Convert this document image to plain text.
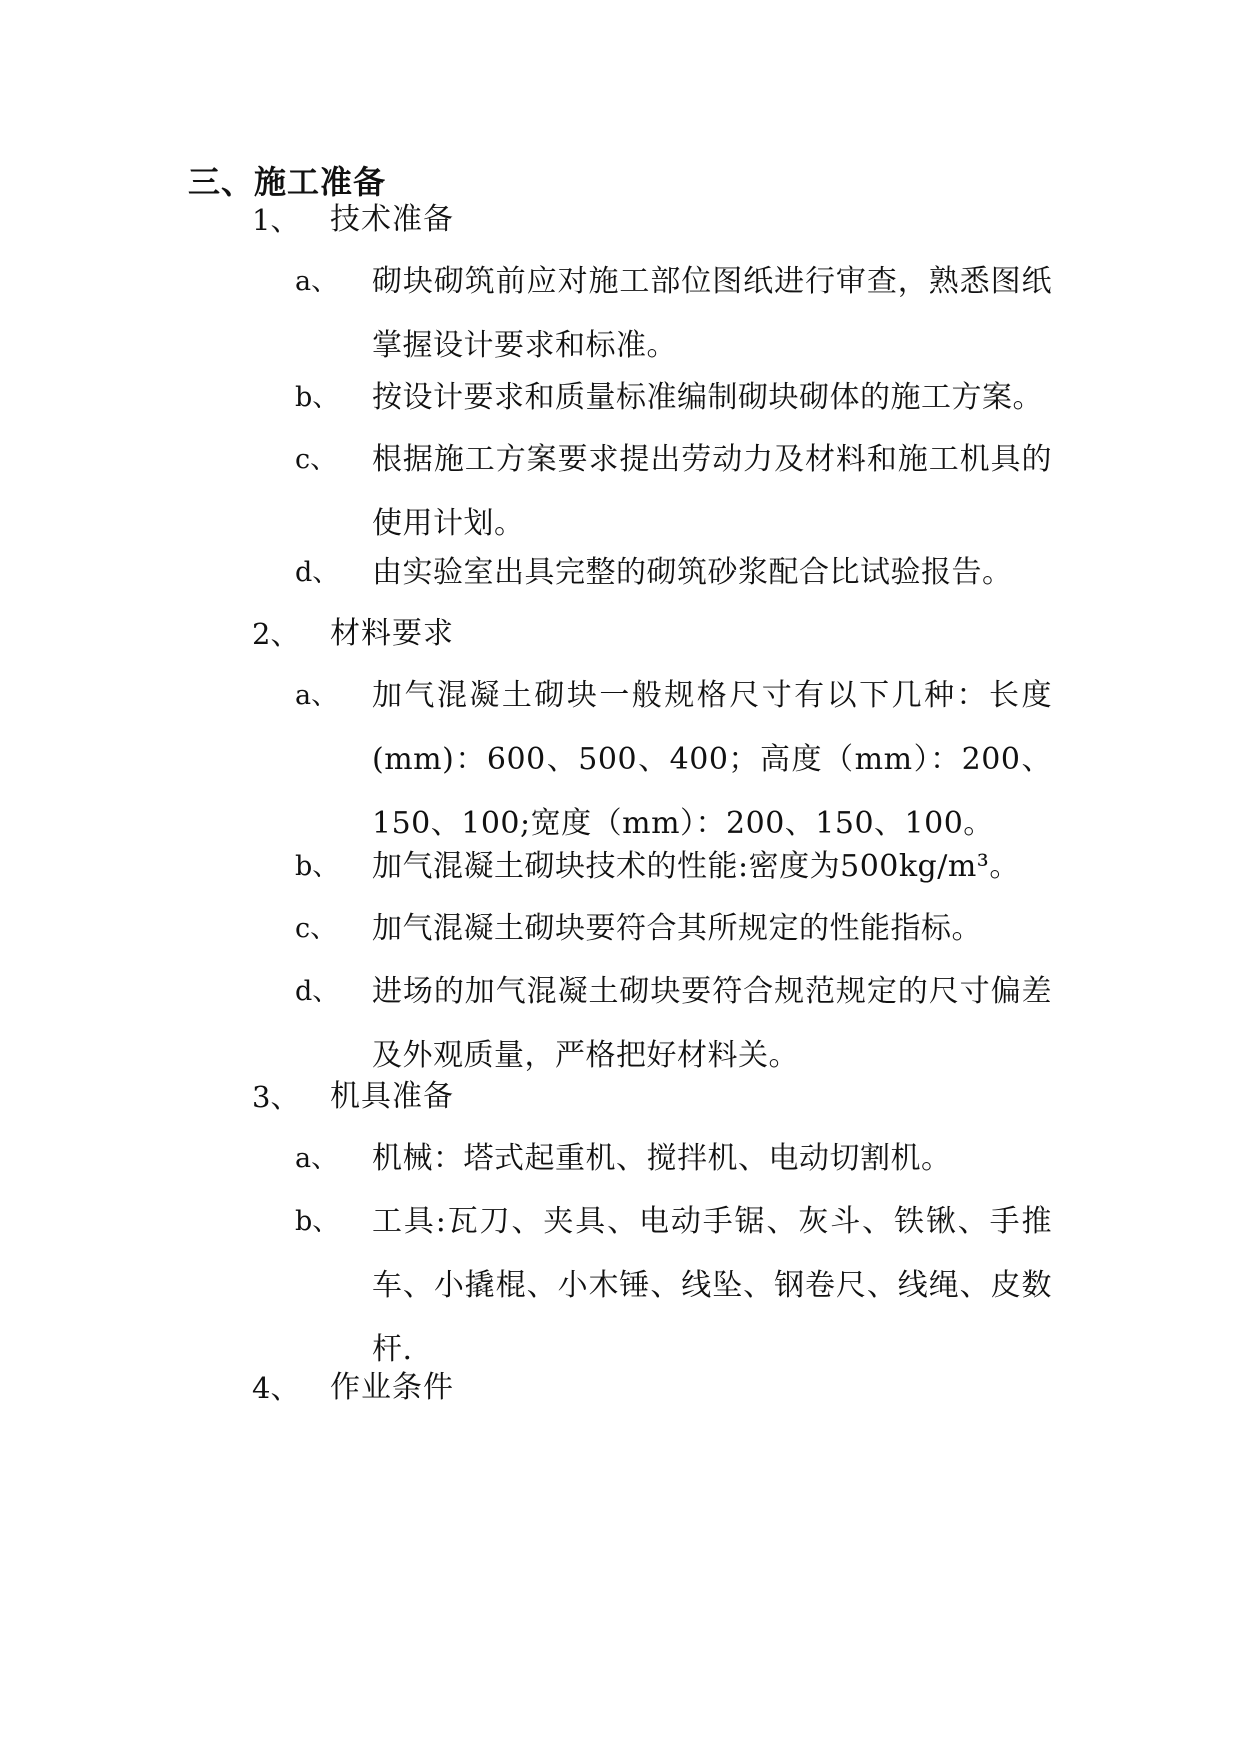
三、施工准备
1、 技术准备
a、 砌块砌筑前应对施工部位图纸进行审查，熟悉图纸掌握设计要求和标准。
b、 按设计要求和质量标准编制砌块砌体的施工方案。
c、 根据施工方案要求提出劳动力及材料和施工机具的使用计划。
d、 由实验室出具完整的砌筑砂浆配合比试验报告。
2、 材料要求
a、 加气混凝土砌块一般规格尺寸有以下几种：长度(mm)：600、500、400；高度（mm）：200、150、100;宽度（mm）：200、150、100。
b、 加气混凝土砌块技术的性能:密度为500kg/m³。
c、 加气混凝土砌块要符合其所规定的性能指标。
d、 进场的加气混凝土砌块要符合规范规定的尺寸偏差及外观质量，严格把好材料关。
3、 机具准备
a、 机械：塔式起重机、搅拌机、电动切割机。
b、 工具:瓦刀、夹具、电动手锯、灰斗、铁锹、手推车、小撬棍、小木锤、线坠、钢卷尺、线绳、皮数杆.
4、 作业条件
